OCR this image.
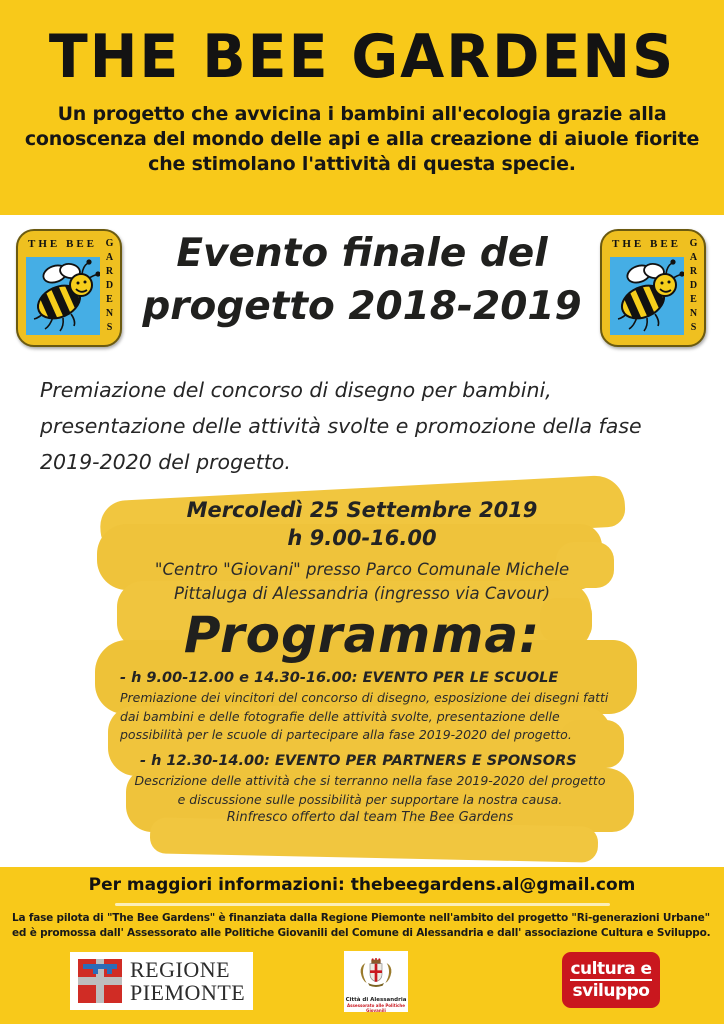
THE BEE GARDENS

Un progetto che avvicina i bambini all'ecologia grazie alla conoscenza del mondo delle api e alla creazione di aiuole fiorite che stimolano l'attività di questa specie.

THE BEE GARDENS	Evento finale del
progetto 2018-2019
THE BEE GARDENS

Premiazione del concorso di disegno per bambini, presentazione delle attività svolte e promozione della fase 2019-2020 del progetto.

Mercoledì 25 Settembre 2019
h 9.00-16.00
"Centro "Giovani" presso Parco Comunale Michele Pittaluga di Alessandria (ingresso via Cavour)
Programma:
- h 9.00-12.00 e 14.30-16.00: EVENTO PER LE SCUOLE
Premiazione dei vincitori del concorso di disegno, esposizione dei disegni fatti dai bambini e delle fotografie delle attività svolte, presentazione delle possibilità per le scuole di partecipare alla fase 2019-2020 del progetto.
- h 12.30-14.00: EVENTO PER PARTNERS E SPONSORS
Descrizione delle attività che si terranno nella fase 2019-2020 del progetto e discussione sulle possibilità per supportare la nostra causa.
Rinfresco offerto dal team The Bee Gardens
Per maggiori informazioni: thebeegardens.al@gmail.com

La fase pilota di "The Bee Gardens" è finanziata dalla Regione Piemonte nell'ambito del progetto "Ri-generazioni Urbane" ed è promossa dall' Assessorato alle Politiche Giovanili del Comune di Alessandria e dall' associazione Cultura e Sviluppo.

REGIONE
PIEMONTE	Città di Alessandria
Assessorato alle Politiche Giovanili
cultura e
sviluppo
